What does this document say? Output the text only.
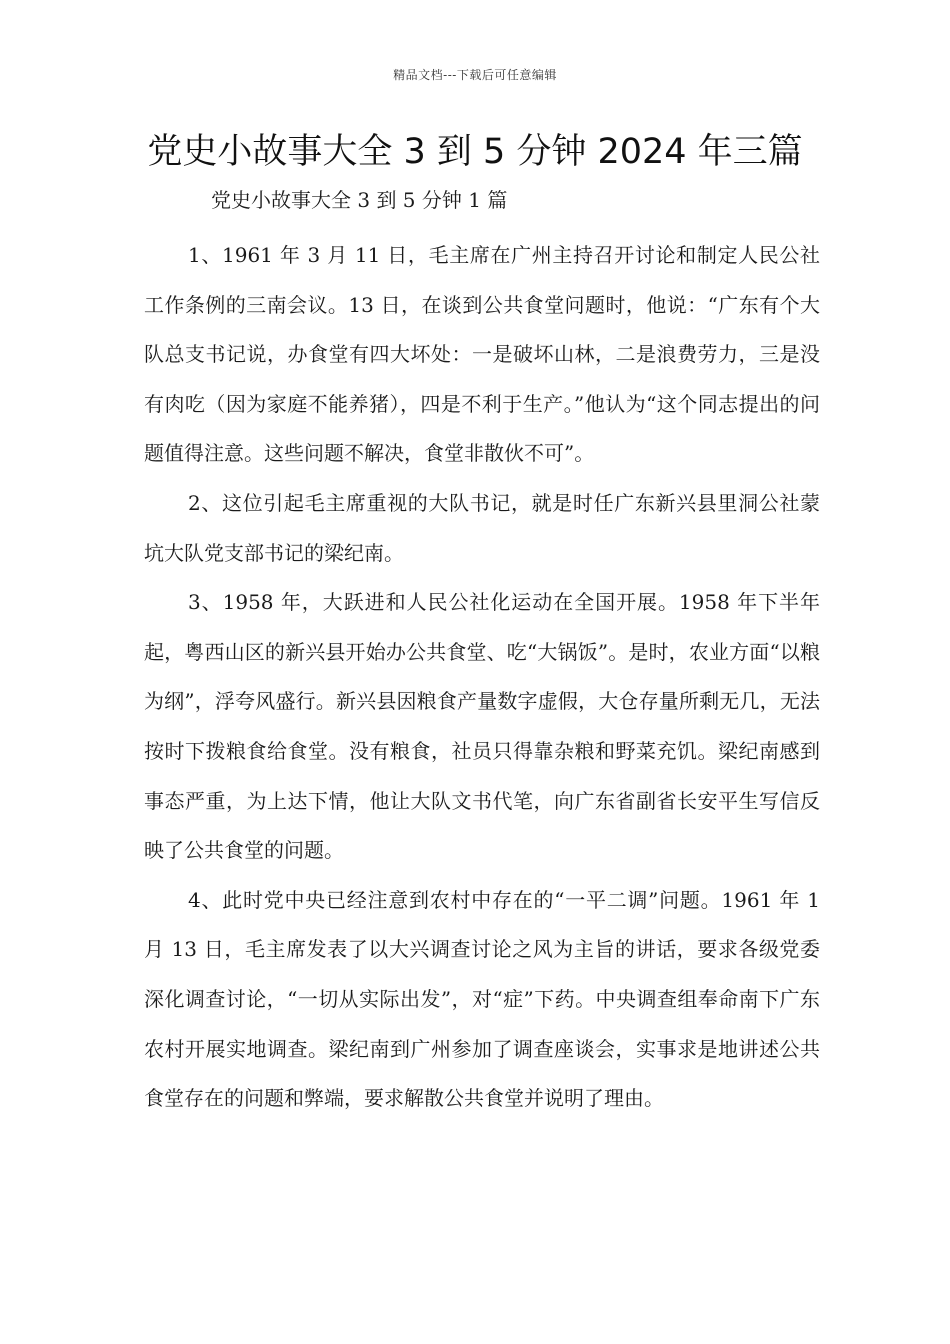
精品文档---下载后可任意编辑
党史小故事大全 3 到 5 分钟 2024 年三篇
党史小故事大全 3 到 5 分钟 1 篇

1、1961 年 3 月 11 日，毛主席在广州主持召开讨论和制定人民公社工作条例的三南会议。13 日，在谈到公共食堂问题时，他说：“广东有个大队总支书记说，办食堂有四大坏处：一是破坏山林，二是浪费劳力，三是没有肉吃（因为家庭不能养猪），四是不利于生产。”他认为“这个同志提出的问题值得注意。这些问题不解决，食堂非散伙不可”。

2、这位引起毛主席重视的大队书记，就是时任广东新兴县里洞公社蒙坑大队党支部书记的梁纪南。

3、1958 年，大跃进和人民公社化运动在全国开展。1958 年下半年起，粤西山区的新兴县开始办公共食堂、吃“大锅饭”。是时，农业方面“以粮为纲”，浮夸风盛行。新兴县因粮食产量数字虚假，大仓存量所剩无几，无法按时下拨粮食给食堂。没有粮食，社员只得靠杂粮和野菜充饥。梁纪南感到事态严重，为上达下情，他让大队文书代笔，向广东省副省长安平生写信反映了公共食堂的问题。

4、此时党中央已经注意到农村中存在的“一平二调”问题。1961 年 1 月 13 日，毛主席发表了以大兴调查讨论之风为主旨的讲话，要求各级党委深化调查讨论，“一切从实际出发”，对“症”下药。中央调查组奉命南下广东农村开展实地调查。梁纪南到广州参加了调查座谈会，实事求是地讲述公共食堂存在的问题和弊端，要求解散公共食堂并说明了理由。
